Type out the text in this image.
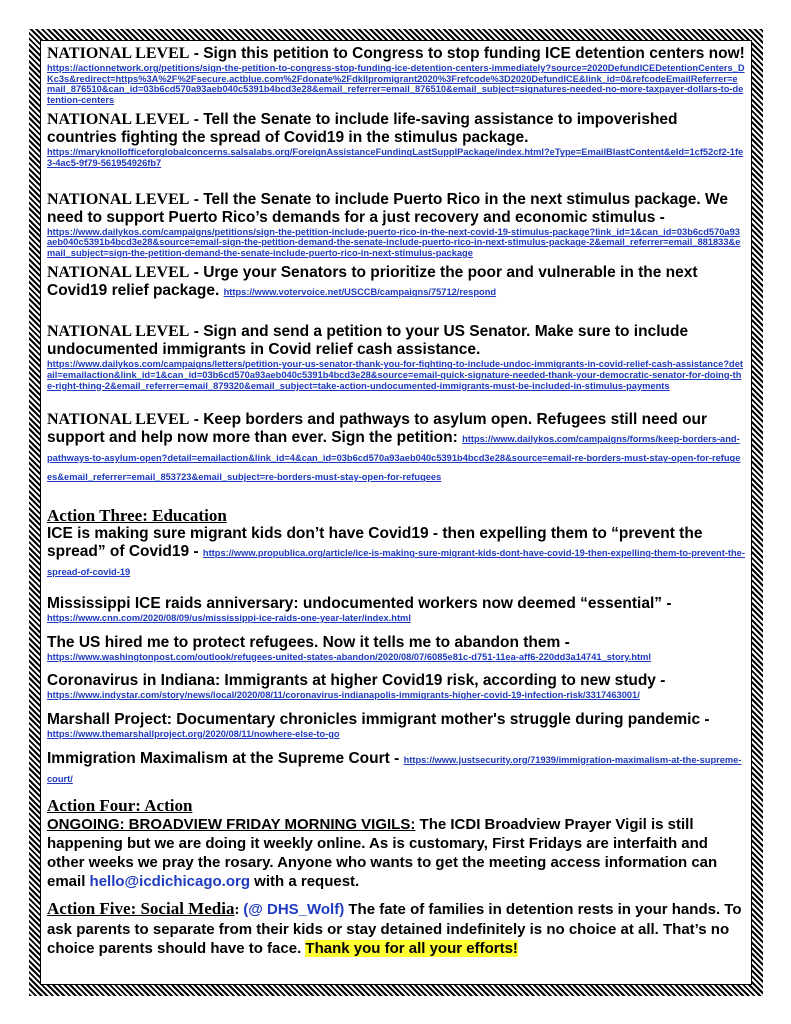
NATIONAL LEVEL - Sign this petition to Congress to stop funding ICE detention centers now!
https://actionnetwork.org/petitions/sign-the-petition-to-congress-stop-funding-ice-detention-centers-immediately?source=2020DefundICEDetentionCenters_DKc3s&redirect=https%3A%2F%2Fsecure.actblue.com%2Fdonate%2Fdkllpromigrant2020%3Frefcode%3D2020DefundICE&link_id=0&refcodeEmailReferrer=email_876510&can_id=03b6cd570a93aeb040c5391b4bcd3e28&email_referrer=email_876510&email_subject=signatures-needed-no-more-taxpayer-dollars-to-detention-centers
NATIONAL LEVEL - Tell the Senate to include life-saving assistance to impoverished countries fighting the spread of Covid19 in the stimulus package.
https://maryknollofficeforglobalconcerns.salsalabs.org/ForeignAssistanceFundingLastSupplPackage/index.html?eType=EmailBlastContent&eId=1cf52cf2-1fe3-4ac5-9f79-561954926fb7
NATIONAL LEVEL - Tell the Senate to include Puerto Rico in the next stimulus package. We need to support Puerto Rico’s demands for a just recovery and economic stimulus -
https://www.dailykos.com/campaigns/petitions/sign-the-petition-include-puerto-rico-in-the-next-covid-19-stimulus-package?link_id=1&can_id=03b6cd570a93aeb040c5391b4bcd3e28&source=email-sign-the-petition-demand-the-senate-include-puerto-rico-in-next-stimulus-package-2&email_referrer=email_881833&email_subject=sign-the-petition-demand-the-senate-include-puerto-rico-in-next-stimulus-package
NATIONAL LEVEL - Urge your Senators to prioritize the poor and vulnerable in the next Covid19 relief package. https://www.votervoice.net/USCCB/campaigns/75712/respond
NATIONAL LEVEL - Sign and send a petition to your US Senator. Make sure to include undocumented immigrants in Covid relief cash assistance.
https://www.dailykos.com/campaigns/letters/petition-your-us-senator-thank-you-for-fighting-to-include-undoc-immigrants-in-covid-relief-cash-assistance?detail=emailaction&link_id=1&can_id=03b6cd570a93aeb040c5391b4bcd3e28&source=email-quick-signature-needed-thank-your-democratic-senator-for-doing-the-right-thing-2&email_referrer=email_879320&email_subject=take-action-undocumented-immigrants-must-be-included-in-stimulus-payments
NATIONAL LEVEL - Keep borders and pathways to asylum open. Refugees still need our support and help now more than ever. Sign the petition: https://www.dailykos.com/campaigns/forms/keep-borders-and-pathways-to-asylum-open?detail=emailaction&link_id=4&can_id=03b6cd570a93aeb040c5391b4bcd3e28&source=email-re-borders-must-stay-open-for-refugees&email_referrer=email_853723&email_subject=re-borders-must-stay-open-for-refugees
Action Three: Education
ICE is making sure migrant kids don’t have Covid19 - then expelling them to “prevent the spread” of Covid19 - https://www.propublica.org/article/ice-is-making-sure-migrant-kids-dont-have-covid-19-then-expelling-them-to-prevent-the-spread-of-covid-19
Mississippi ICE raids anniversary: undocumented workers now deemed “essential” -
https://www.cnn.com/2020/08/09/us/mississippi-ice-raids-one-year-later/index.html
The US hired me to protect refugees. Now it tells me to abandon them -
https://www.washingtonpost.com/outlook/refugees-united-states-abandon/2020/08/07/6085e81c-d751-11ea-aff6-220dd3a14741_story.html
Coronavirus in Indiana: Immigrants at higher Covid19 risk, according to new study -
https://www.indystar.com/story/news/local/2020/08/11/coronavirus-indianapolis-immigrants-higher-covid-19-infection-risk/3317463001/
Marshall Project: Documentary chronicles immigrant mother's struggle during pandemic -
https://www.themarshallproject.org/2020/08/11/nowhere-else-to-go
Immigration Maximalism at the Supreme Court - https://www.justsecurity.org/71939/immigration-maximalism-at-the-supreme-court/
Action Four: Action
ONGOING: BROADVIEW FRIDAY MORNING VIGILS: The ICDI Broadview Prayer Vigil is still happening but we are doing it weekly online. As is customary, First Fridays are interfaith and other weeks we pray the rosary. Anyone who wants to get the meeting access information can email hello@icdichicago.org with a request.
Action Five: Social Media: (@ DHS_Wolf) The fate of families in detention rests in your hands. To ask parents to separate from their kids or stay detained indefinitely is no choice at all. That’s no choice parents should have to face. Thank you for all your efforts!
